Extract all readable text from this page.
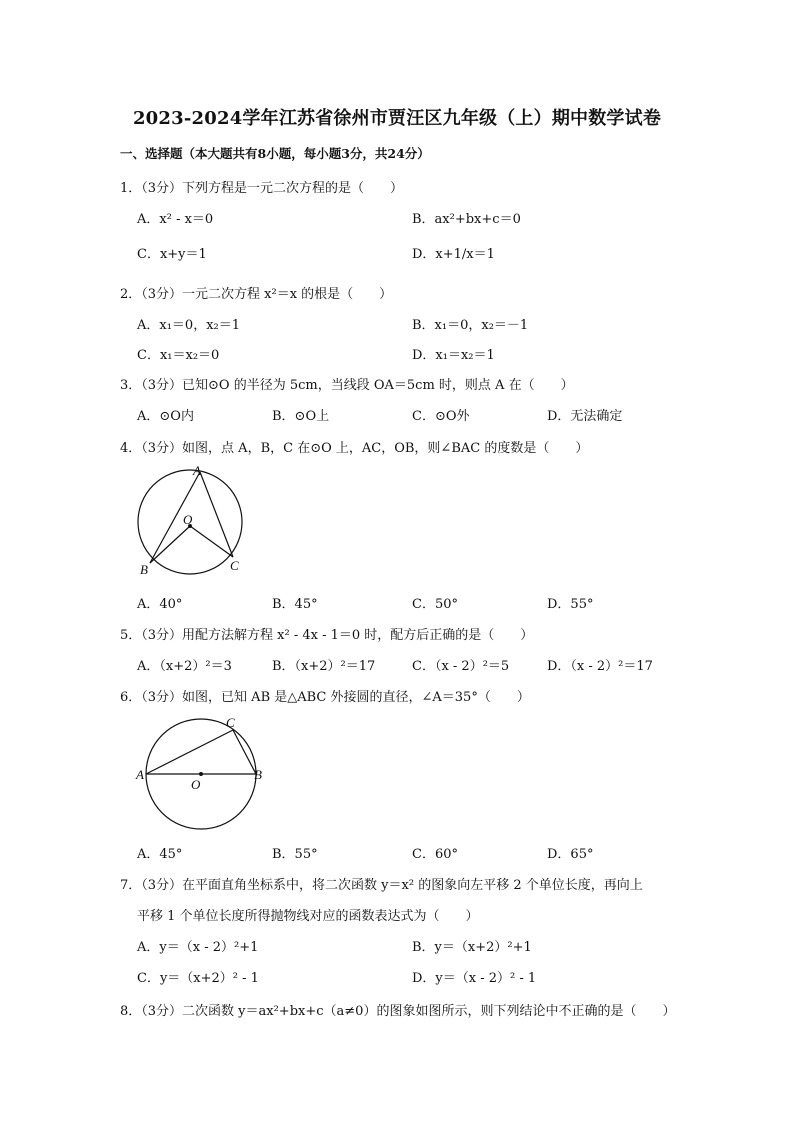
2023-2024学年江苏省徐州市贾汪区九年级（上）期中数学试卷
一、选择题（本大题共有8小题，每小题3分，共24分）
1．（3分）下列方程是一元二次方程的是（　　）
A．x² - x＝0	B．ax²+bx+c＝0
C．x+y＝1	D．x+1/x＝1
2．（3分）一元二次方程 x²＝x 的根是（　　）
A．x₁＝0，x₂＝1	B．x₁＝0，x₂＝－1
C．x₁＝x₂＝0	D．x₁＝x₂＝1
3．（3分）已知⊙O 的半径为 5cm，当线段 OA＝5cm 时，则点 A 在（　　）
A．⊙O内	B．⊙O上	C．⊙O外	D．无法确定
4．（3分）如图，点 A，B，C 在⊙O 上，AC，OB，则∠BAC 的度数是（　　）
A
O
B	C
A．40°	B．45°	C．50°	D．55°
5．（3分）用配方法解方程 x² - 4x - 1＝0 时，配方后正确的是（　　）
A．（x+2）²＝3	B．（x+2）²＝17	C．（x - 2）²＝5	D．（x - 2）²＝17
6．（3分）如图，已知 AB 是△ABC 外接圆的直径，∠A＝35°（　　）
C
A
O
B
A．45°	B．55°	C．60°	D．65°
7．（3分）在平面直角坐标系中，将二次函数 y＝x² 的图象向左平移 2 个单位长度，再向上
平移 1 个单位长度所得抛物线对应的函数表达式为（　　）
A．y＝（x - 2）²+1	B．y＝（x+2）²+1
C．y＝（x+2）² - 1	D．y＝（x - 2）² - 1
8．（3分）二次函数 y＝ax²+bx+c（a≠0）的图象如图所示，则下列结论中不正确的是（　　）
